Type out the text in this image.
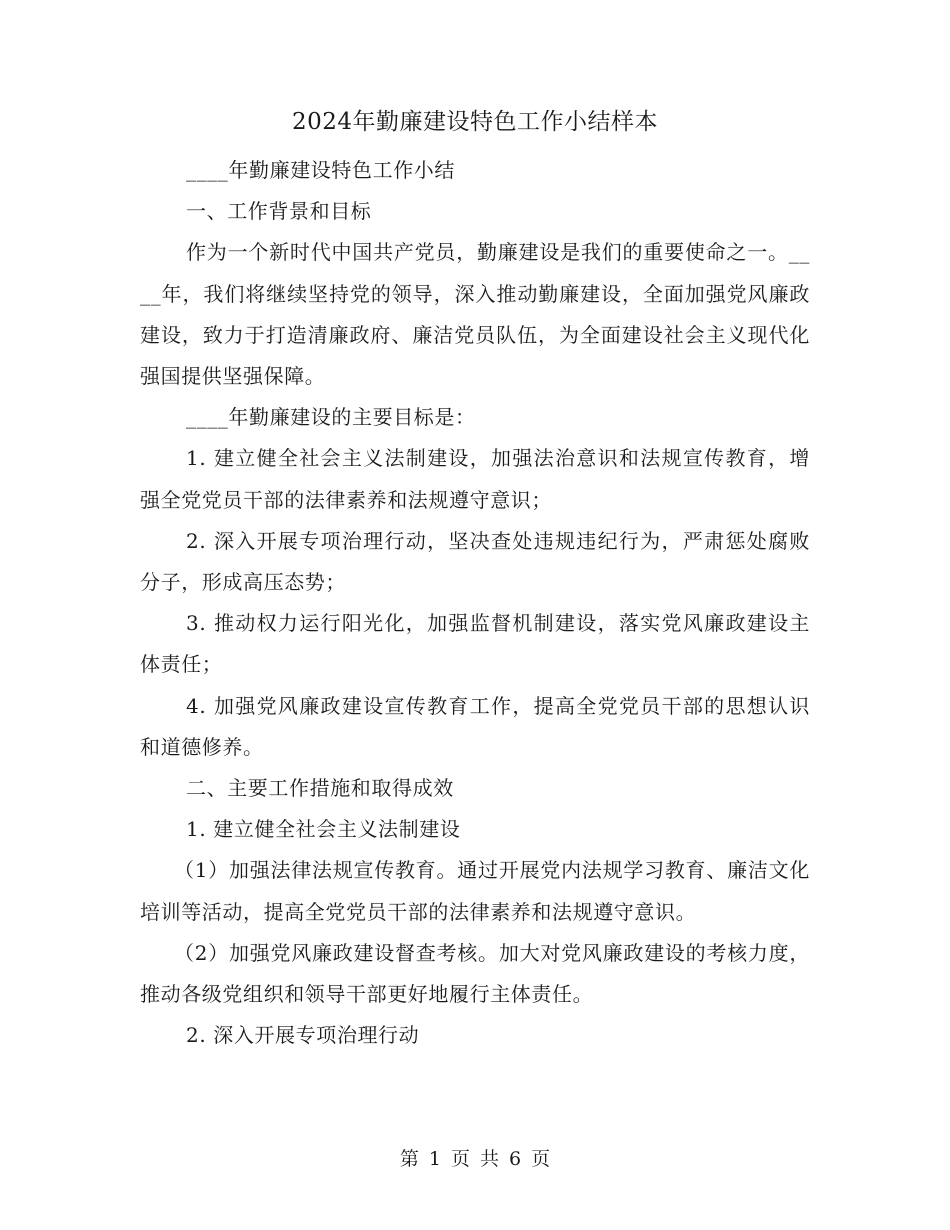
2024年勤廉建设特色工作小结样本

____年勤廉建设特色工作小结

一、工作背景和目标

作为一个新时代中国共产党员，勤廉建设是我们的重要使命之一。____年，我们将继续坚持党的领导，深入推动勤廉建设，全面加强党风廉政建设，致力于打造清廉政府、廉洁党员队伍，为全面建设社会主义现代化强国提供坚强保障。

____年勤廉建设的主要目标是：

1. 建立健全社会主义法制建设，加强法治意识和法规宣传教育，增强全党党员干部的法律素养和法规遵守意识；

2. 深入开展专项治理行动，坚决查处违规违纪行为，严肃惩处腐败分子，形成高压态势；

3. 推动权力运行阳光化，加强监督机制建设，落实党风廉政建设主体责任；

4. 加强党风廉政建设宣传教育工作，提高全党党员干部的思想认识和道德修养。

二、主要工作措施和取得成效

1. 建立健全社会主义法制建设

（1）加强法律法规宣传教育。通过开展党内法规学习教育、廉洁文化培训等活动，提高全党党员干部的法律素养和法规遵守意识。

（2）加强党风廉政建设督查考核。加大对党风廉政建设的考核力度，推动各级党组织和领导干部更好地履行主体责任。

2. 深入开展专项治理行动

第 1 页 共 6 页
